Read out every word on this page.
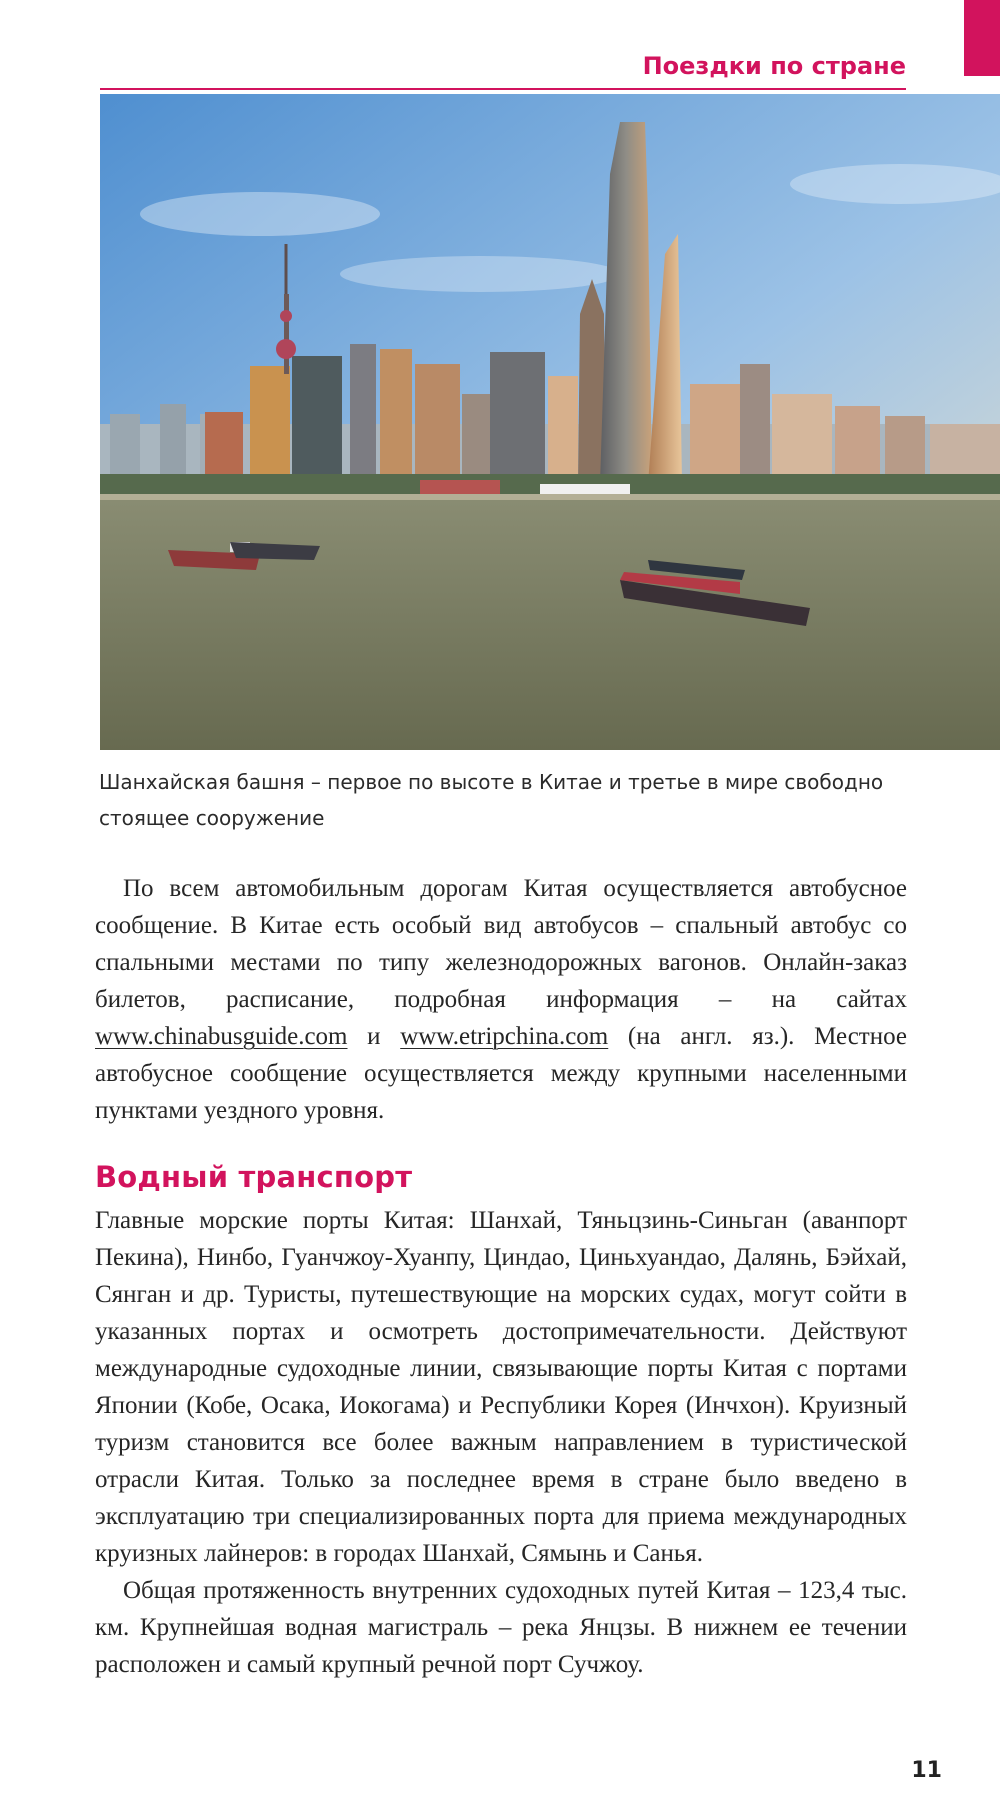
Поездки по стране
Шанхайская башня – первое по высоте в Китае и третье в мире свободно стоящее сооружение

По всем автомобильным дорогам Китая осуществляется автобусное сообщение. В Китае есть особый вид автобусов – спальный автобус со спальными местами по типу железнодорожных вагонов. Онлайн-заказ билетов, расписание, подробная информация – на сайтах www.chinabusguide.com и www.etripchina.com (на англ. яз.). Местное автобусное сообщение осуществляется между крупными населенными пунктами уездного уровня.

Водный транспорт

Главные морские порты Китая: Шанхай, Тяньцзинь-Синьган (аванпорт Пекина), Нинбо, Гуанчжоу-Хуанпу, Циндао, Циньхуандао, Далянь, Бэйхай, Сянган и др. Туристы, путешествующие на морских судах, могут сойти в указанных портах и осмотреть достопримечательности. Действуют международные судоходные линии, связывающие порты Китая с портами Японии (Кобе, Осака, Иокогама) и Республики Корея (Инчхон). Круизный туризм становится все более важным направлением в туристической отрасли Китая. Только за последнее время в стране было введено в эксплуатацию три специализированных порта для приема международных круизных лайнеров: в городах Шанхай, Сямынь и Санья.

Общая протяженность внутренних судоходных путей Китая – 123,4 тыс. км. Крупнейшая водная магистраль – река Янцзы. В нижнем ее течении расположен и самый крупный речной порт Сучжоу.

11
